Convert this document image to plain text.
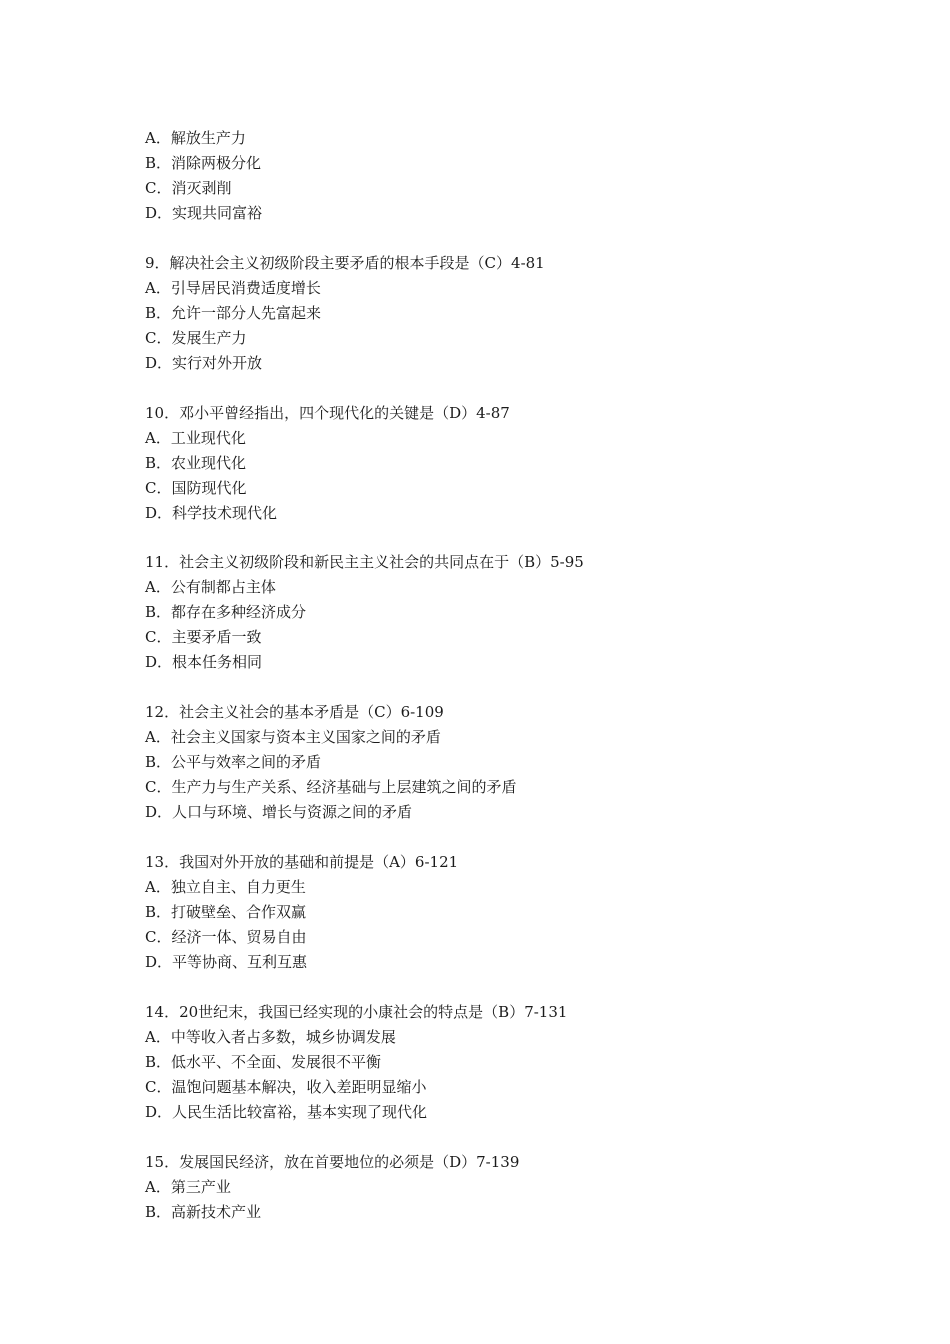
A．解放生产力
B．消除两极分化
C．消灭剥削
D．实现共同富裕
9．解决社会主义初级阶段主要矛盾的根本手段是（C）4-81
A．引导居民消费适度增长
B．允许一部分人先富起来
C．发展生产力
D．实行对外开放
10．邓小平曾经指出，四个现代化的关键是（D）4-87
A．工业现代化
B．农业现代化
C．国防现代化
D．科学技术现代化
11．社会主义初级阶段和新民主主义社会的共同点在于（B）5-95
A．公有制都占主体
B．都存在多种经济成分
C．主要矛盾一致
D．根本任务相同
12．社会主义社会的基本矛盾是（C）6-109
A．社会主义国家与资本主义国家之间的矛盾
B．公平与效率之间的矛盾
C．生产力与生产关系、经济基础与上层建筑之间的矛盾
D．人口与环境、增长与资源之间的矛盾
13．我国对外开放的基础和前提是（A）6-121
A．独立自主、自力更生
B．打破壁垒、合作双赢
C．经济一体、贸易自由
D．平等协商、互利互惠
14．20世纪末，我国已经实现的小康社会的特点是（B）7-131
A．中等收入者占多数，城乡协调发展
B．低水平、不全面、发展很不平衡
C．温饱问题基本解决，收入差距明显缩小
D．人民生活比较富裕，基本实现了现代化
15．发展国民经济，放在首要地位的必须是（D）7-139
A．第三产业
B．高新技术产业
